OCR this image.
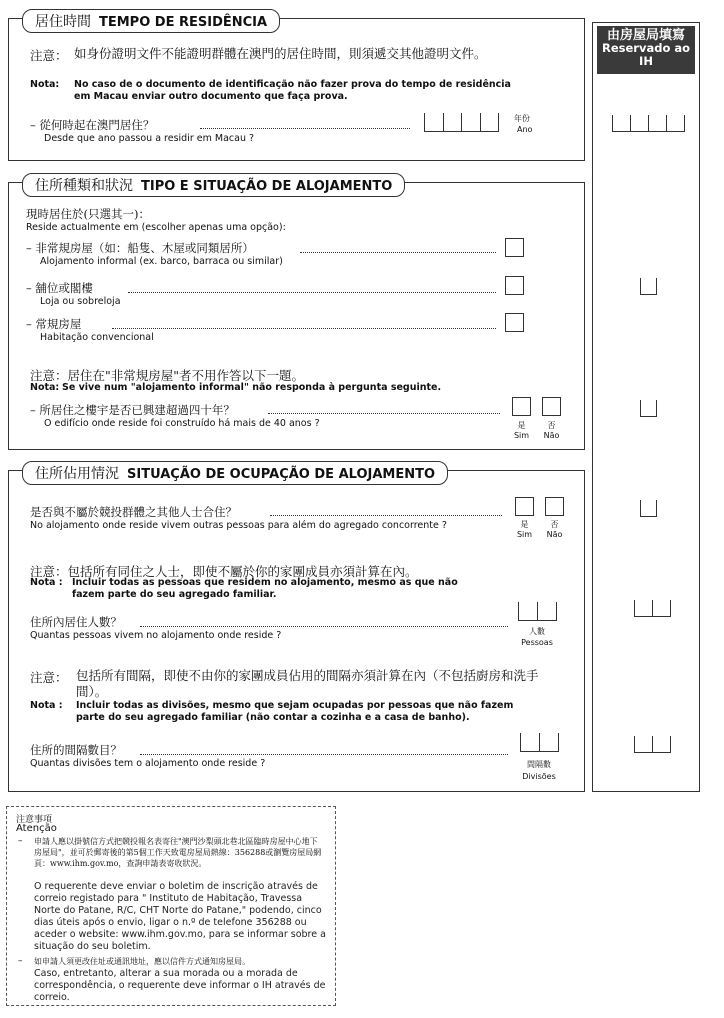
由房屋局填寫
Reservado ao
IH
居住時間 TEMPO DE RESIDÊNCIA
注意： 如身份證明文件不能證明群體在澳門的居住時間，則須遞交其他證明文件。
Nota: No caso de o documento de identificação não fazer prova do tempo de residência em Macau enviar outro documento que faça prova.
– 從何時起在澳門居住？
Desde que ano passou a residir em Macau ?
年份
Ano
住所種類和狀況 TIPO E SITUAÇÃO DE ALOJAMENTO
現時居住於(只選其一)：
Reside actualmente em (escolher apenas uma opção):
– 非常規房屋（如：船隻、木屋或同類居所）
Alojamento informal (ex. barco, barraca ou similar)
– 舖位或閣樓
Loja ou sobreloja
– 常規房屋
Habitação convencional
注意：居住在"非常規房屋"者不用作答以下一題。
Nota: Se vive num "alojamento informal" não responda à pergunta seguinte.
– 所居住之樓宇是否已興建超過四十年？
O edifício onde reside foi construído há mais de 40 anos ?	是
Sim
否
Não
住所佔用情況 SITUAÇÃO DE OCUPAÇÃO DE ALOJAMENTO
是否與不屬於競投群體之其他人士合住？
No alojamento onde reside vivem outras pessoas para além do agregado concorrente ?	是
Sim
否
Não
注意：包括所有同住之人士，即使不屬於你的家團成員亦須計算在內。
Nota : Incluir todas as pessoas que residem no alojamento, mesmo as que não fazem parte do seu agregado familiar.
住所內居住人數？
Quantas pessoas vivem no alojamento onde reside ?	人數
Pessoas
注意： 包括所有間隔，即使不由你的家團成員佔用的間隔亦須計算在內（不包括廚房和洗手間）。
Nota : Incluir todas as divisões, mesmo que sejam ocupadas por pessoas que não fazem parte do seu agregado familiar (não contar a cozinha e a casa de banho).
住所的間隔數目？
Quantas divisões tem o alojamento onde reside ?	間隔數
Divisões
注意事項
Atenção
– 申請人應以掛號信方式把競投報名表寄往"澳門沙梨頭北巷北區臨時房屋中心地下房屋局"，並可於郵寄後的第5個工作天致電房屋局熱線：356288或瀏覽房屋局網頁：www.ihm.gov.mo，查詢申請表寄收狀況。
O requerente deve enviar o boletim de inscrição através de correio registado para " Instituto de Habitação, Travessa Norte do Patane, R/C, CHT Norte do Patane," podendo, cinco dias úteis após o envio, ligar o n.º de telefone 356288 ou aceder o website: www.ihm.gov.mo, para se informar sobre a situação do seu boletim.
– 如申請人須更改住址或通訊地址，應以信件方式通知房屋局。
Caso, entretanto, alterar a sua morada ou a morada de correspondência, o requerente deve informar o IH através de correio.
